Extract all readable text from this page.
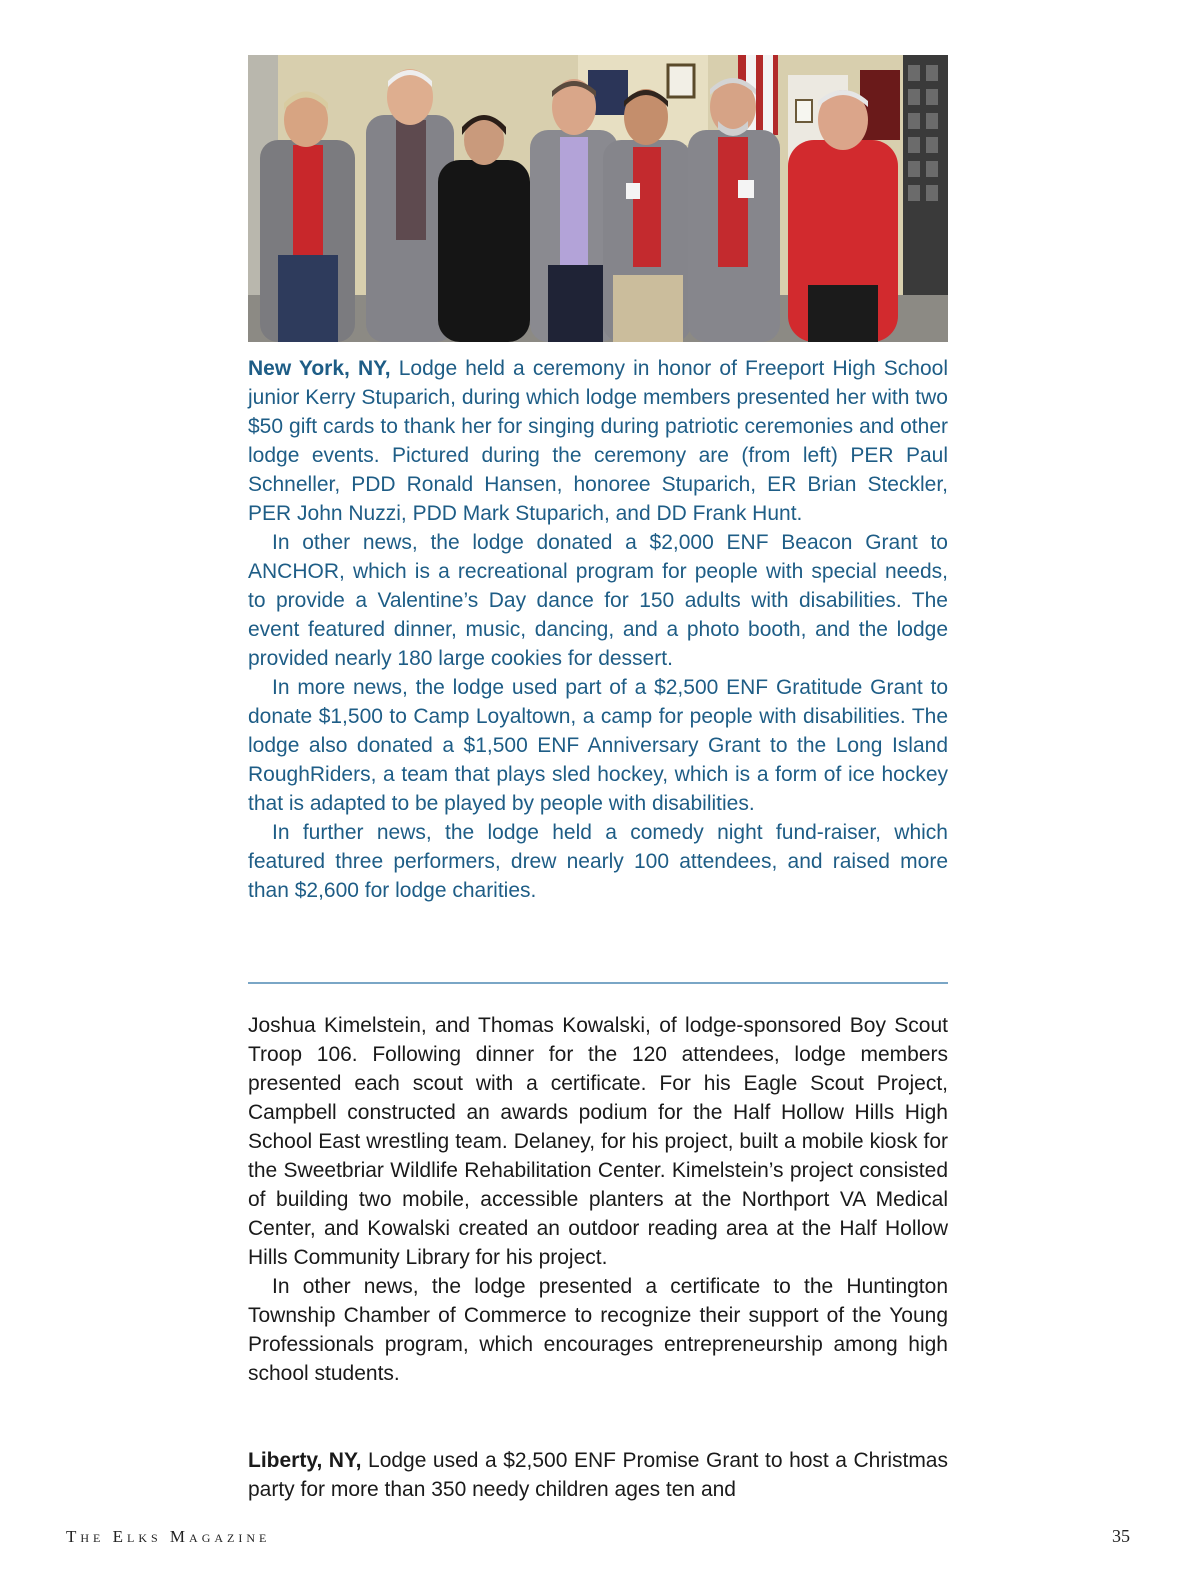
New York, NY, Lodge held a ceremony in honor of Freeport High School junior Kerry Stuparich, during which lodge members presented her with two $50 gift cards to thank her for singing during patriotic ceremonies and other lodge events. Pictured during the ceremony are (from left) PER Paul Schneller, PDD Ronald Hansen, honoree Stuparich, ER Brian Steckler, PER John Nuzzi, PDD Mark Stuparich, and DD Frank Hunt.

In other news, the lodge donated a $2,000 ENF Beacon Grant to ANCHOR, which is a recreational program for people with special needs, to provide a Valentine’s Day dance for 150 adults with disabilities. The event featured dinner, music, dancing, and a photo booth, and the lodge provided nearly 180 large cookies for dessert.

In more news, the lodge used part of a $2,500 ENF Gratitude Grant to donate $1,500 to Camp Loyaltown, a camp for people with disabilities. The lodge also donated a $1,500 ENF Anniversary Grant to the Long Island RoughRiders, a team that plays sled hockey, which is a form of ice hockey that is adapted to be played by people with disabilities.

In further news, the lodge held a comedy night fund-raiser, which featured three performers, drew nearly 100 attendees, and raised more than $2,600 for lodge charities.

Joshua Kimelstein, and Thomas Kowalski, of lodge-sponsored Boy Scout Troop 106. Following dinner for the 120 attendees, lodge members presented each scout with a certificate. For his Eagle Scout Project, Campbell constructed an awards podium for the Half Hollow Hills High School East wrestling team. Delaney, for his project, built a mobile kiosk for the Sweetbriar Wildlife Rehabilitation Center. Kimelstein’s project consisted of building two mobile, accessible planters at the Northport VA Medical Center, and Kowalski created an outdoor reading area at the Half Hollow Hills Community Library for his project.

In other news, the lodge presented a certificate to the Huntington Township Chamber of Commerce to recognize their support of the Young Professionals program, which encourages entrepreneurship among high school students.

Liberty, NY, Lodge used a $2,500 ENF Promise Grant to host a Christmas party for more than 350 needy children ages ten and

The Elks Magazine	35
